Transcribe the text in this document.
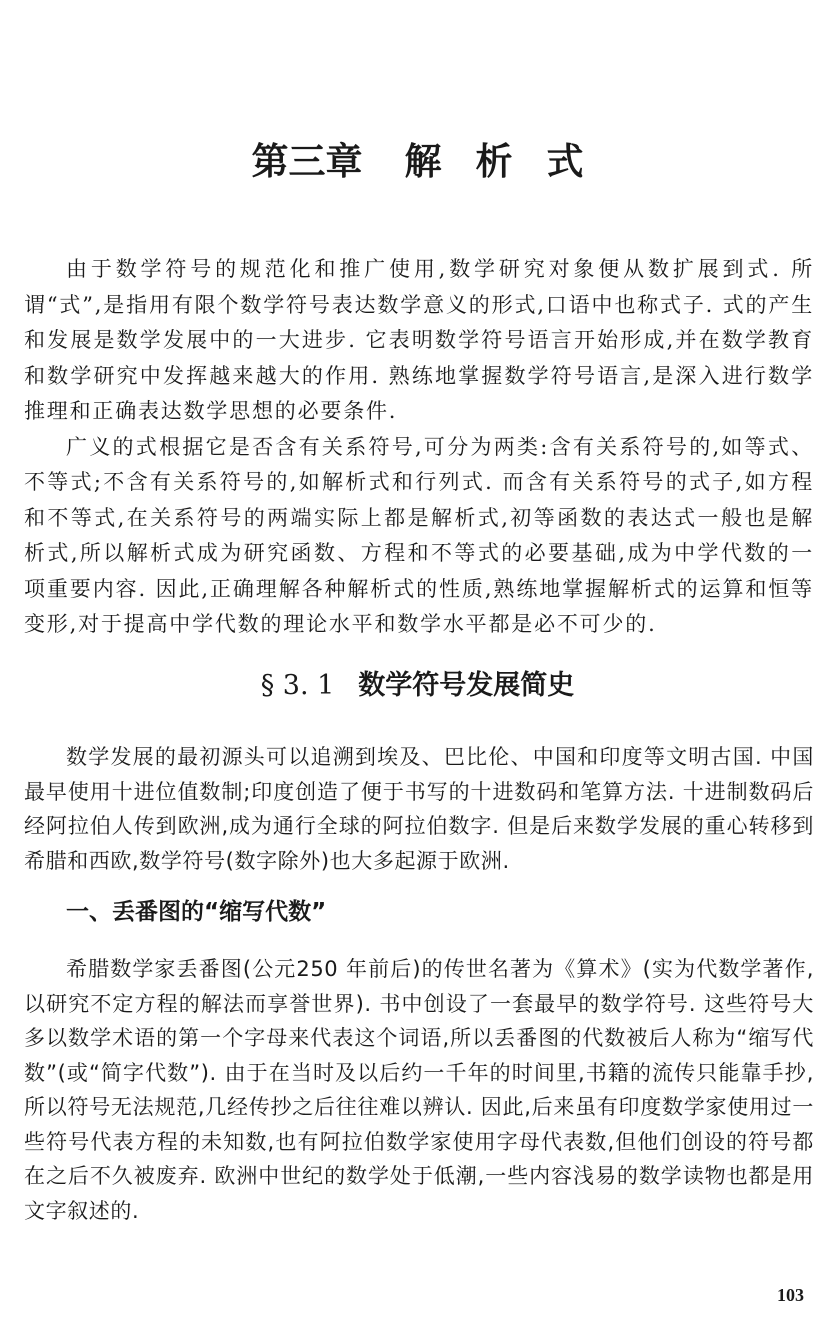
第三章 解 析 式

由于数学符号的规范化和推广使用,数学研究对象便从数扩展到式. 所谓“式”,是指用有限个数学符号表达数学意义的形式,口语中也称式子. 式的产生和发展是数学发展中的一大进步. 它表明数学符号语言开始形成,并在数学教育和数学研究中发挥越来越大的作用. 熟练地掌握数学符号语言,是深入进行数学推理和正确表达数学思想的必要条件.

广义的式根据它是否含有关系符号,可分为两类:含有关系符号的,如等式、不等式;不含有关系符号的,如解析式和行列式. 而含有关系符号的式子,如方程和不等式,在关系符号的两端实际上都是解析式,初等函数的表达式一般也是解析式,所以解析式成为研究函数、方程和不等式的必要基础,成为中学代数的一项重要内容. 因此,正确理解各种解析式的性质,熟练地掌握解析式的运算和恒等变形,对于提高中学代数的理论水平和数学水平都是必不可少的.

§ 3. 1 数学符号发展简史

数学发展的最初源头可以追溯到埃及、巴比伦、中国和印度等文明古国. 中国最早使用十进位值数制;印度创造了便于书写的十进数码和笔算方法. 十进制数码后经阿拉伯人传到欧洲,成为通行全球的阿拉伯数字. 但是后来数学发展的重心转移到希腊和西欧,数学符号(数字除外)也大多起源于欧洲.

一、丢番图的“缩写代数”

希腊数学家丢番图(公元250 年前后)的传世名著为《算术》(实为代数学著作,以研究不定方程的解法而享誉世界). 书中创设了一套最早的数学符号. 这些符号大多以数学术语的第一个字母来代表这个词语,所以丢番图的代数被后人称为“缩写代数”(或“简字代数”). 由于在当时及以后约一千年的时间里,书籍的流传只能靠手抄,所以符号无法规范,几经传抄之后往往难以辨认. 因此,后来虽有印度数学家使用过一些符号代表方程的未知数,也有阿拉伯数学家使用字母代表数,但他们创设的符号都在之后不久被废弃. 欧洲中世纪的数学处于低潮,一些内容浅易的数学读物也都是用文字叙述的.

103
